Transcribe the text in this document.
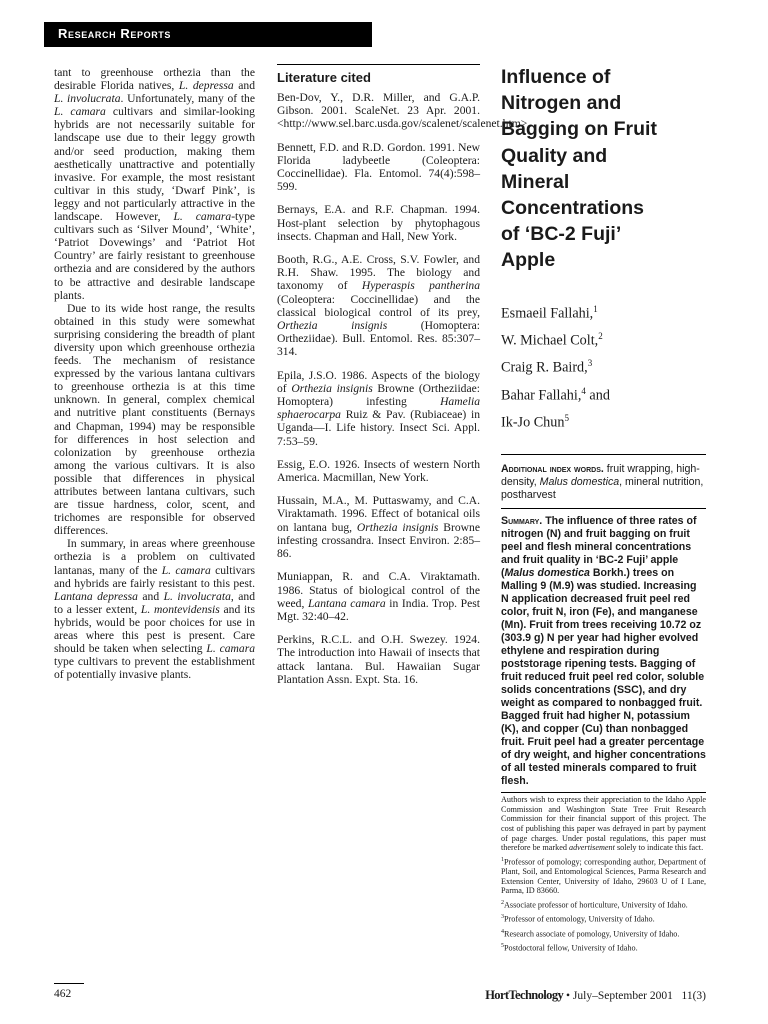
Research Reports

tant to greenhouse orthezia than the desirable Florida natives, L. depressa and L. involucrata. Unfortunately, many of the L. camara cultivars and similar-looking hybrids are not necessarily suitable for landscape use due to their leggy growth and/or seed production, making them aesthetically unattractive and potentially invasive. For example, the most resistant cultivar in this study, ‘Dwarf Pink’, is leggy and not particularly attractive in the landscape. However, L. camara-type cultivars such as ‘Silver Mound’, ‘White’, ‘Patriot Dovewings’ and ‘Patriot Hot Country’ are fairly resistant to greenhouse orthezia and are considered by the authors to be attractive and desirable landscape plants.

Due to its wide host range, the results obtained in this study were somewhat surprising considering the breadth of plant diversity upon which greenhouse orthezia feeds. The mechanism of resistance expressed by the various lantana cultivars to greenhouse orthezia is at this time unknown. In general, complex chemical and nutritive plant constituents (Bernays and Chapman, 1994) may be responsible for differences in host selection and colonization by greenhouse orthezia among the various cultivars. It is also possible that differences in physical attributes between lantana cultivars, such are tissue hardness, color, scent, and trichomes are responsible for observed differences.

In summary, in areas where greenhouse orthezia is a problem on cultivated lantanas, many of the L. camara cultivars and hybrids are fairly resistant to this pest. Lantana depressa and L. involucrata, and to a lesser extent, L. montevidensis and its hybrids, would be poor choices for use in areas where this pest is present. Care should be taken when selecting L. camara type cultivars to prevent the establishment of potentially invasive plants.

Literature cited

Ben-Dov, Y., D.R. Miller, and G.A.P. Gibson. 2001. ScaleNet. 23 Apr. 2001. <http://www.sel.barc.usda.gov/scalenet/scalenet.htm>.

Bennett, F.D. and R.D. Gordon. 1991. New Florida ladybeetle (Coleoptera: Coccinellidae). Fla. Entomol. 74(4):598–599.

Bernays, E.A. and R.F. Chapman. 1994. Host-plant selection by phytophagous insects. Chapman and Hall, New York.

Booth, R.G., A.E. Cross, S.V. Fowler, and R.H. Shaw. 1995. The biology and taxonomy of Hyperaspis pantherina (Coleoptera: Coccinellidae) and the classical biological control of its prey, Orthezia insignis (Homoptera: Ortheziidae). Bull. Entomol. Res. 85:307–314.

Epila, J.S.O. 1986. Aspects of the biology of Orthezia insignis Browne (Ortheziidae: Homoptera) infesting Hamelia sphaerocarpa Ruiz & Pav. (Rubiaceae) in Uganda—I. Life history. Insect Sci. Appl. 7:53–59.

Essig, E.O. 1926. Insects of western North America. Macmillan, New York.

Hussain, M.A., M. Puttaswamy, and C.A. Viraktamath. 1996. Effect of botanical oils on lantana bug, Orthezia insignis Browne infesting crossandra. Insect Environ. 2:85–86.

Muniappan, R. and C.A. Viraktamath. 1986. Status of biological control of the weed, Lantana camara in India. Trop. Pest Mgt. 32:40–42.

Perkins, R.C.L. and O.H. Swezey. 1924. The introduction into Hawaii of insects that attack lantana. Bul. Hawaiian Sugar Plantation Assn. Expt. Sta. 16.

Influence of
Nitrogen and
Bagging on Fruit
Quality and
Mineral
Concentrations
of ‘BC-2 Fuji’
Apple
Esmaeil Fallahi,$^1$
W. Michael Colt,$^2$
Craig R. Baird,$^3$
Bahar Fallahi,$^4$ and
Ik-Jo Chun$^5$
Additional index words. fruit wrapping, high-density, Malus domestica, mineral nutrition, postharvest
Summary. The influence of three rates of nitrogen (N) and fruit bagging on fruit peel and flesh mineral concentrations and fruit quality in ‘BC-2 Fuji’ apple (Malus domestica Borkh.) trees on Malling 9 (M.9) was studied. Increasing N application decreased fruit peel red color, fruit N, iron (Fe), and manganese (Mn). Fruit from trees receiving 10.72 oz (303.9 g) N per year had higher evolved ethylene and respiration during poststorage ripening tests. Bagging of fruit reduced fruit peel red color, soluble solids concentrations (SSC), and dry weight as compared to nonbagged fruit. Bagged fruit had higher N, potassium (K), and copper (Cu) than nonbagged fruit. Fruit peel had a greater percentage of dry weight, and higher concentrations of all tested minerals compared to fruit flesh.

Authors wish to express their appreciation to the Idaho Apple Commission and Washington State Tree Fruit Research Commission for their financial support of this project. The cost of publishing this paper was defrayed in part by payment of page charges. Under postal regulations, this paper must therefore be marked advertisement solely to indicate this fact.

$^1$Professor of pomology; corresponding author, Department of Plant, Soil, and Entomological Sciences, Parma Research and Extension Center, University of Idaho, 29603 U of I Lane, Parma, ID 83660.

$^2$Associate professor of horticulture, University of Idaho.

$^3$Professor of entomology, University of Idaho.

$^4$Research associate of pomology, University of Idaho.

$^5$Postdoctoral fellow, University of Idaho.

462	HortTechnology • July–September 2001   11(3)
